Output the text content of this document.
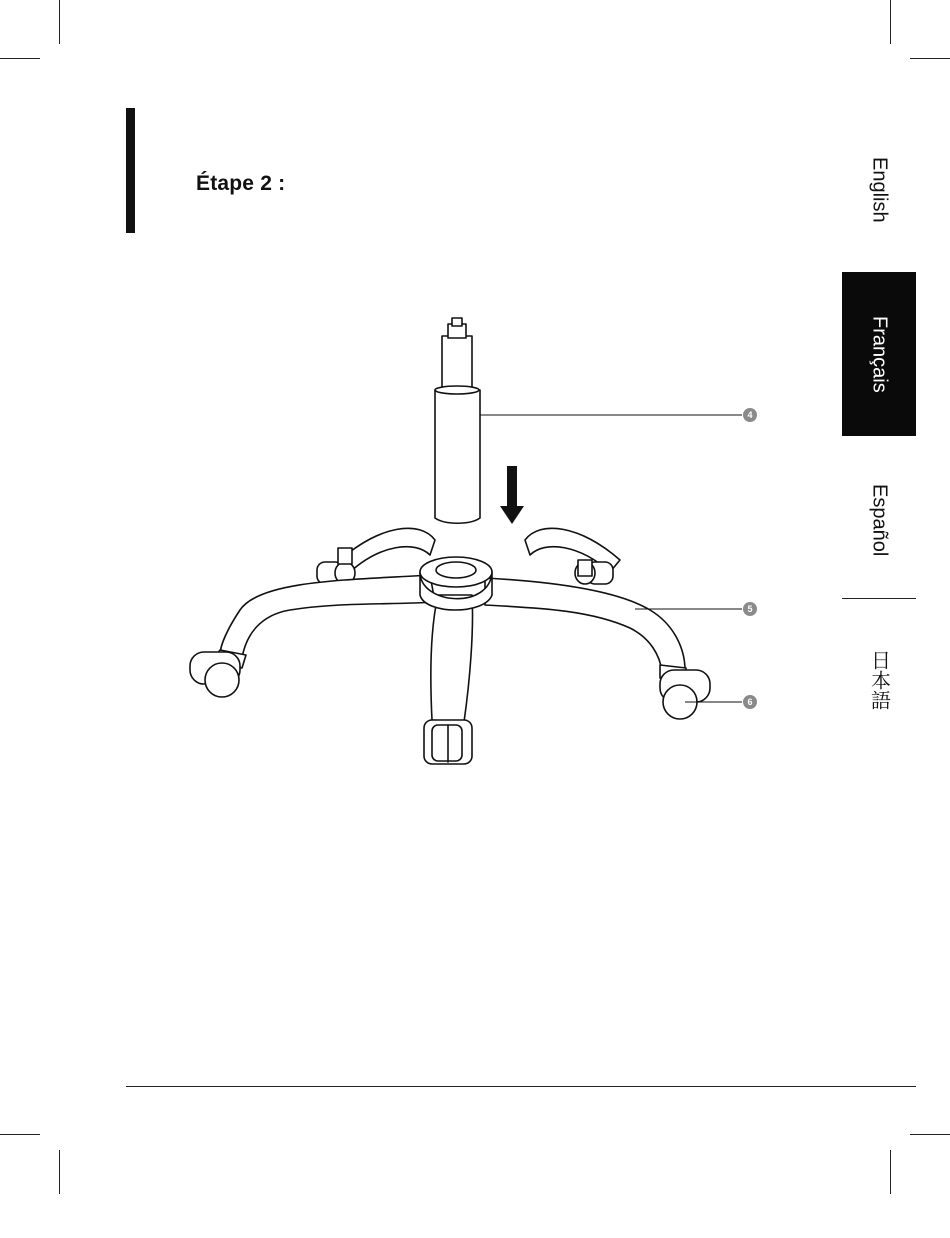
Étape 2 :	English
Français
Español
日本語
4
5
6
